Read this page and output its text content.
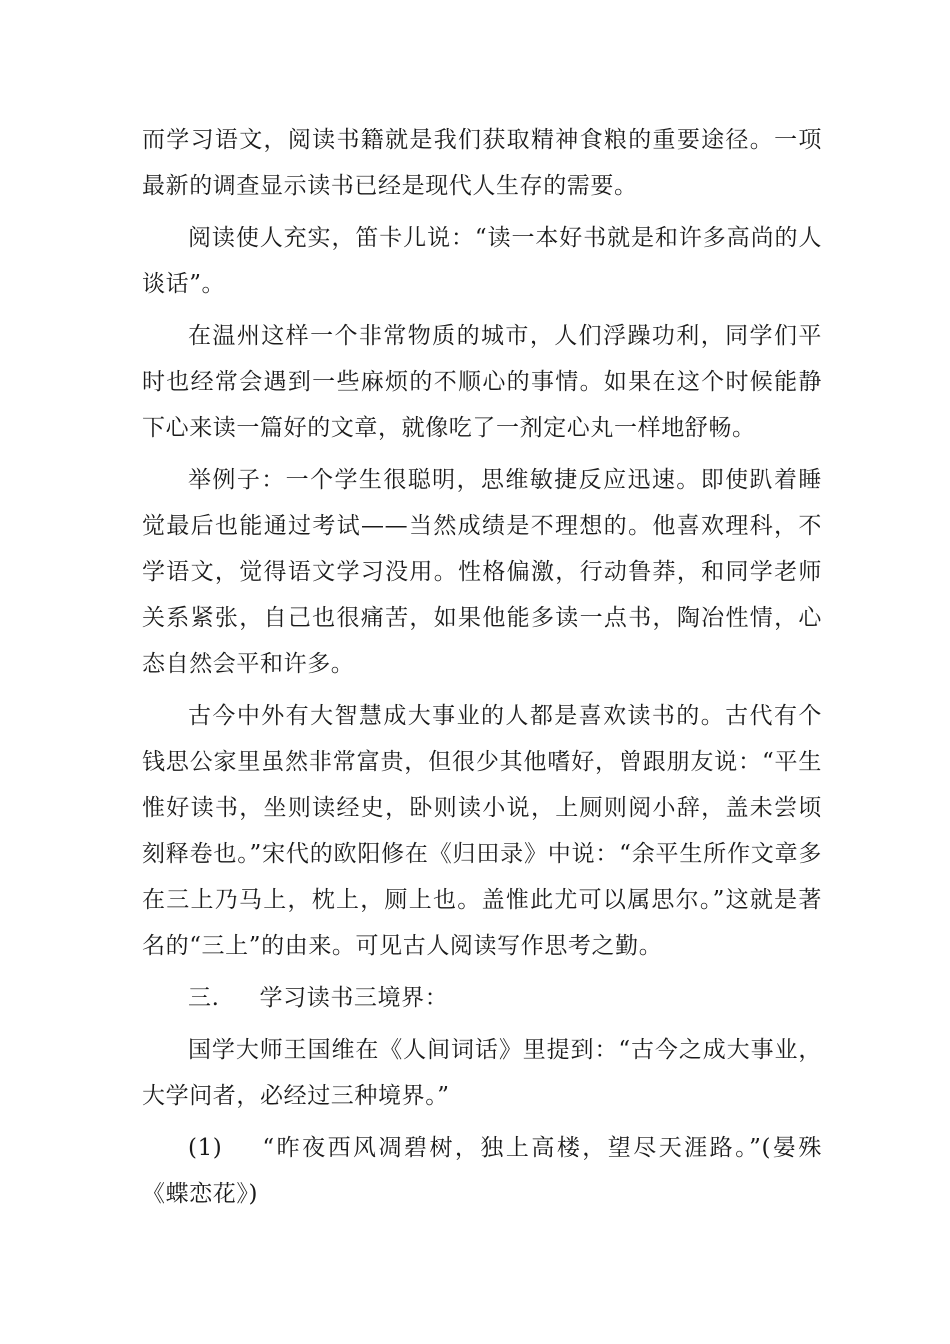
而学习语文，阅读书籍就是我们获取精神食粮的重要途径。一项最新的调查显示读书已经是现代人生存的需要。

阅读使人充实，笛卡儿说：“读一本好书就是和许多高尚的人谈话”。

在温州这样一个非常物质的城市，人们浮躁功利，同学们平时也经常会遇到一些麻烦的不顺心的事情。如果在这个时候能静下心来读一篇好的文章，就像吃了一剂定心丸一样地舒畅。

举例子：一个学生很聪明，思维敏捷反应迅速。即使趴着睡觉最后也能通过考试——当然成绩是不理想的。他喜欢理科，不学语文，觉得语文学习没用。性格偏激，行动鲁莽，和同学老师关系紧张，自己也很痛苦，如果他能多读一点书，陶冶性情，心态自然会平和许多。

古今中外有大智慧成大事业的人都是喜欢读书的。古代有个钱思公家里虽然非常富贵，但很少其他嗜好，曾跟朋友说：“平生惟好读书，坐则读经史，卧则读小说，上厕则阅小辞，盖未尝顷刻释卷也。”宋代的欧阳修在《归田录》中说：“余平生所作文章多在三上乃马上，枕上，厕上也。盖惟此尤可以属思尔。”这就是著名的“三上”的由来。可见古人阅读写作思考之勤。

三. 学习读书三境界：

国学大师王国维在《人间词话》里提到：“古今之成大事业，大学问者，必经过三种境界。”

(1) “昨夜西风凋碧树，独上高楼，望尽天涯路。”(晏殊《蝶恋花》)
